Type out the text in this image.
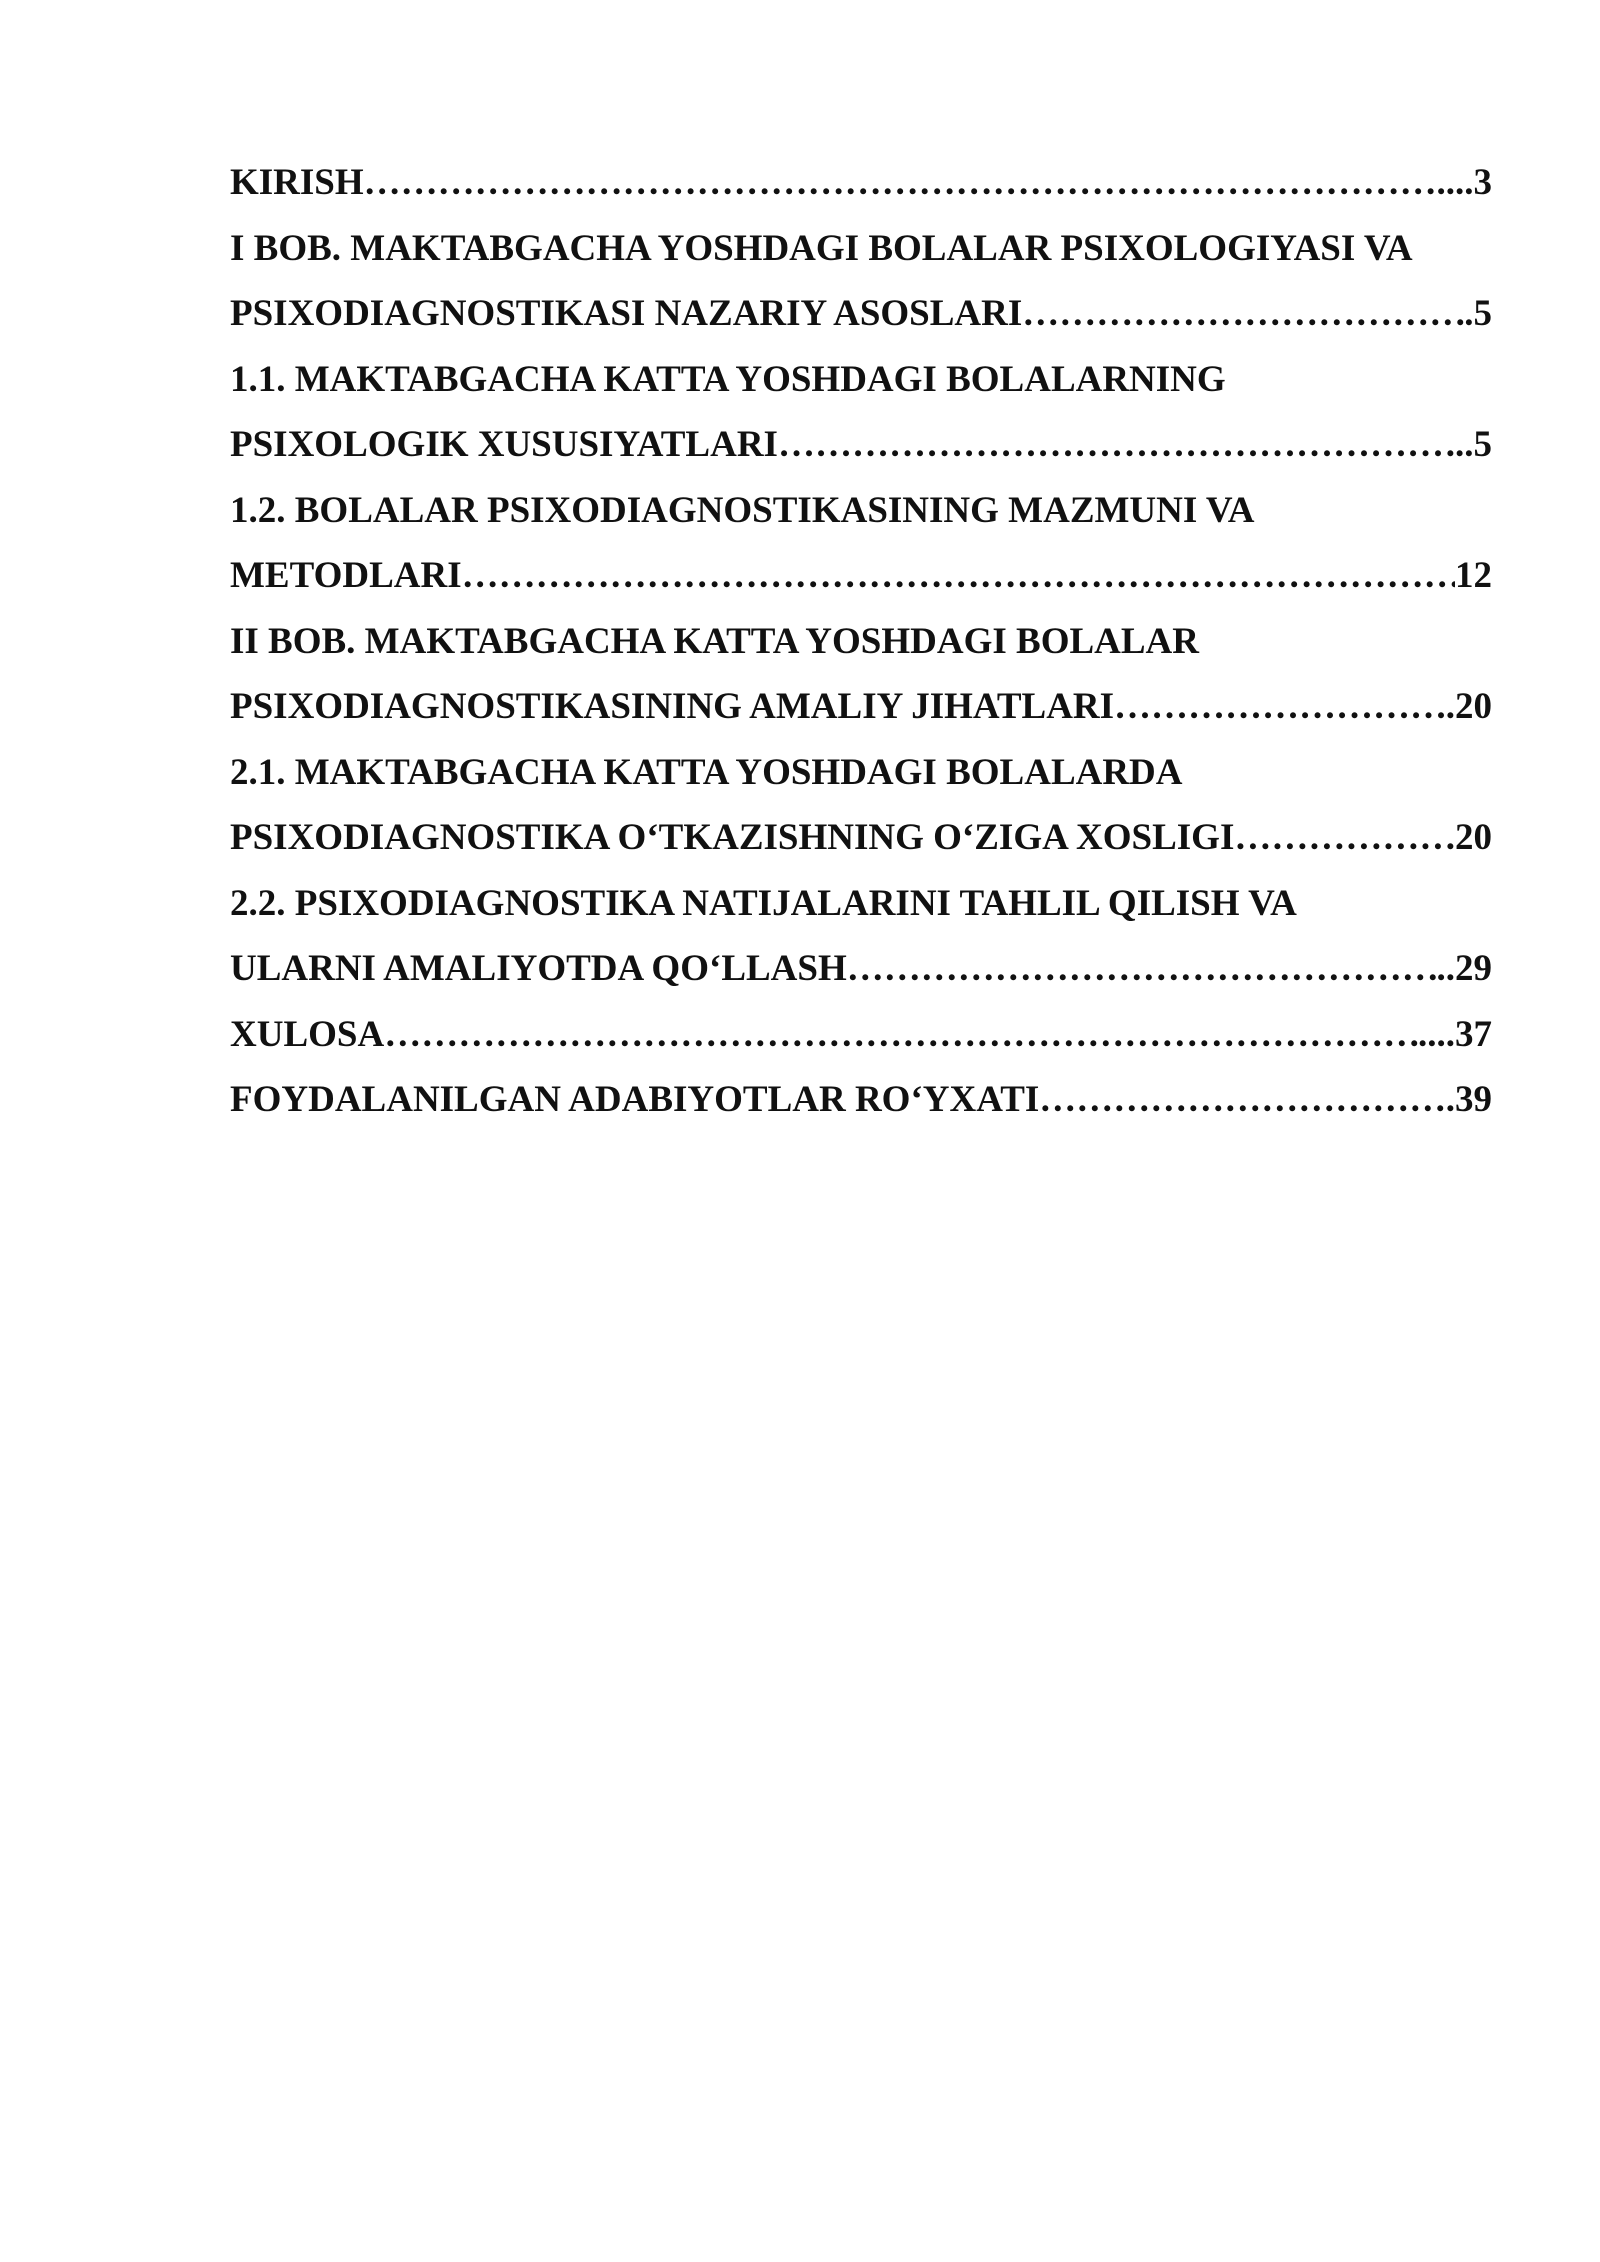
KIRISH …………………………………………………………………………………………………………………………………………………………………………………………	....3
I BOB. MAKTABGACHA YOSHDAGI BOLALAR PSIXOLOGIYASI VA
PSIXODIAGNOSTIKASI NAZARIY ASOSLARI …………………………………………………………………………………………………………………………………………………………………………………………	.5
1.1. MAKTABGACHA KATTA YOSHDAGI BOLALARNING
PSIXOLOGIK XUSUSIYATLARI …………………………………………………………………………………………………………………………………………………………………………………………	...5
1.2. BOLALAR PSIXODIAGNOSTIKASINING MAZMUNI VA
METODLARI …………………………………………………………………………………………………………………………………………………………………………………………	12
II BOB. MAKTABGACHA KATTA YOSHDAGI BOLALAR
PSIXODIAGNOSTIKASINING AMALIY JIHATLARI …………………………………………………………………………………………………………………………………………………………………………………………	.20
2.1. MAKTABGACHA KATTA YOSHDAGI BOLALARDA
PSIXODIAGNOSTIKA O‘TKAZISHNING O‘ZIGA XOSLIGI …………………………………………………………………………………………………………………………………………………………………………………………	20
2.2. PSIXODIAGNOSTIKA NATIJALARINI TAHLIL QILISH VA
ULARNI AMALIYOTDA QO‘LLASH …………………………………………………………………………………………………………………………………………………………………………………………	..29
XULOSA …………………………………………………………………………………………………………………………………………………………………………………………	....37
FOYDALANILGAN ADABIYOTLAR RO‘YXATI …………………………………………………………………………………………………………………………………………………………………………………………	.39
